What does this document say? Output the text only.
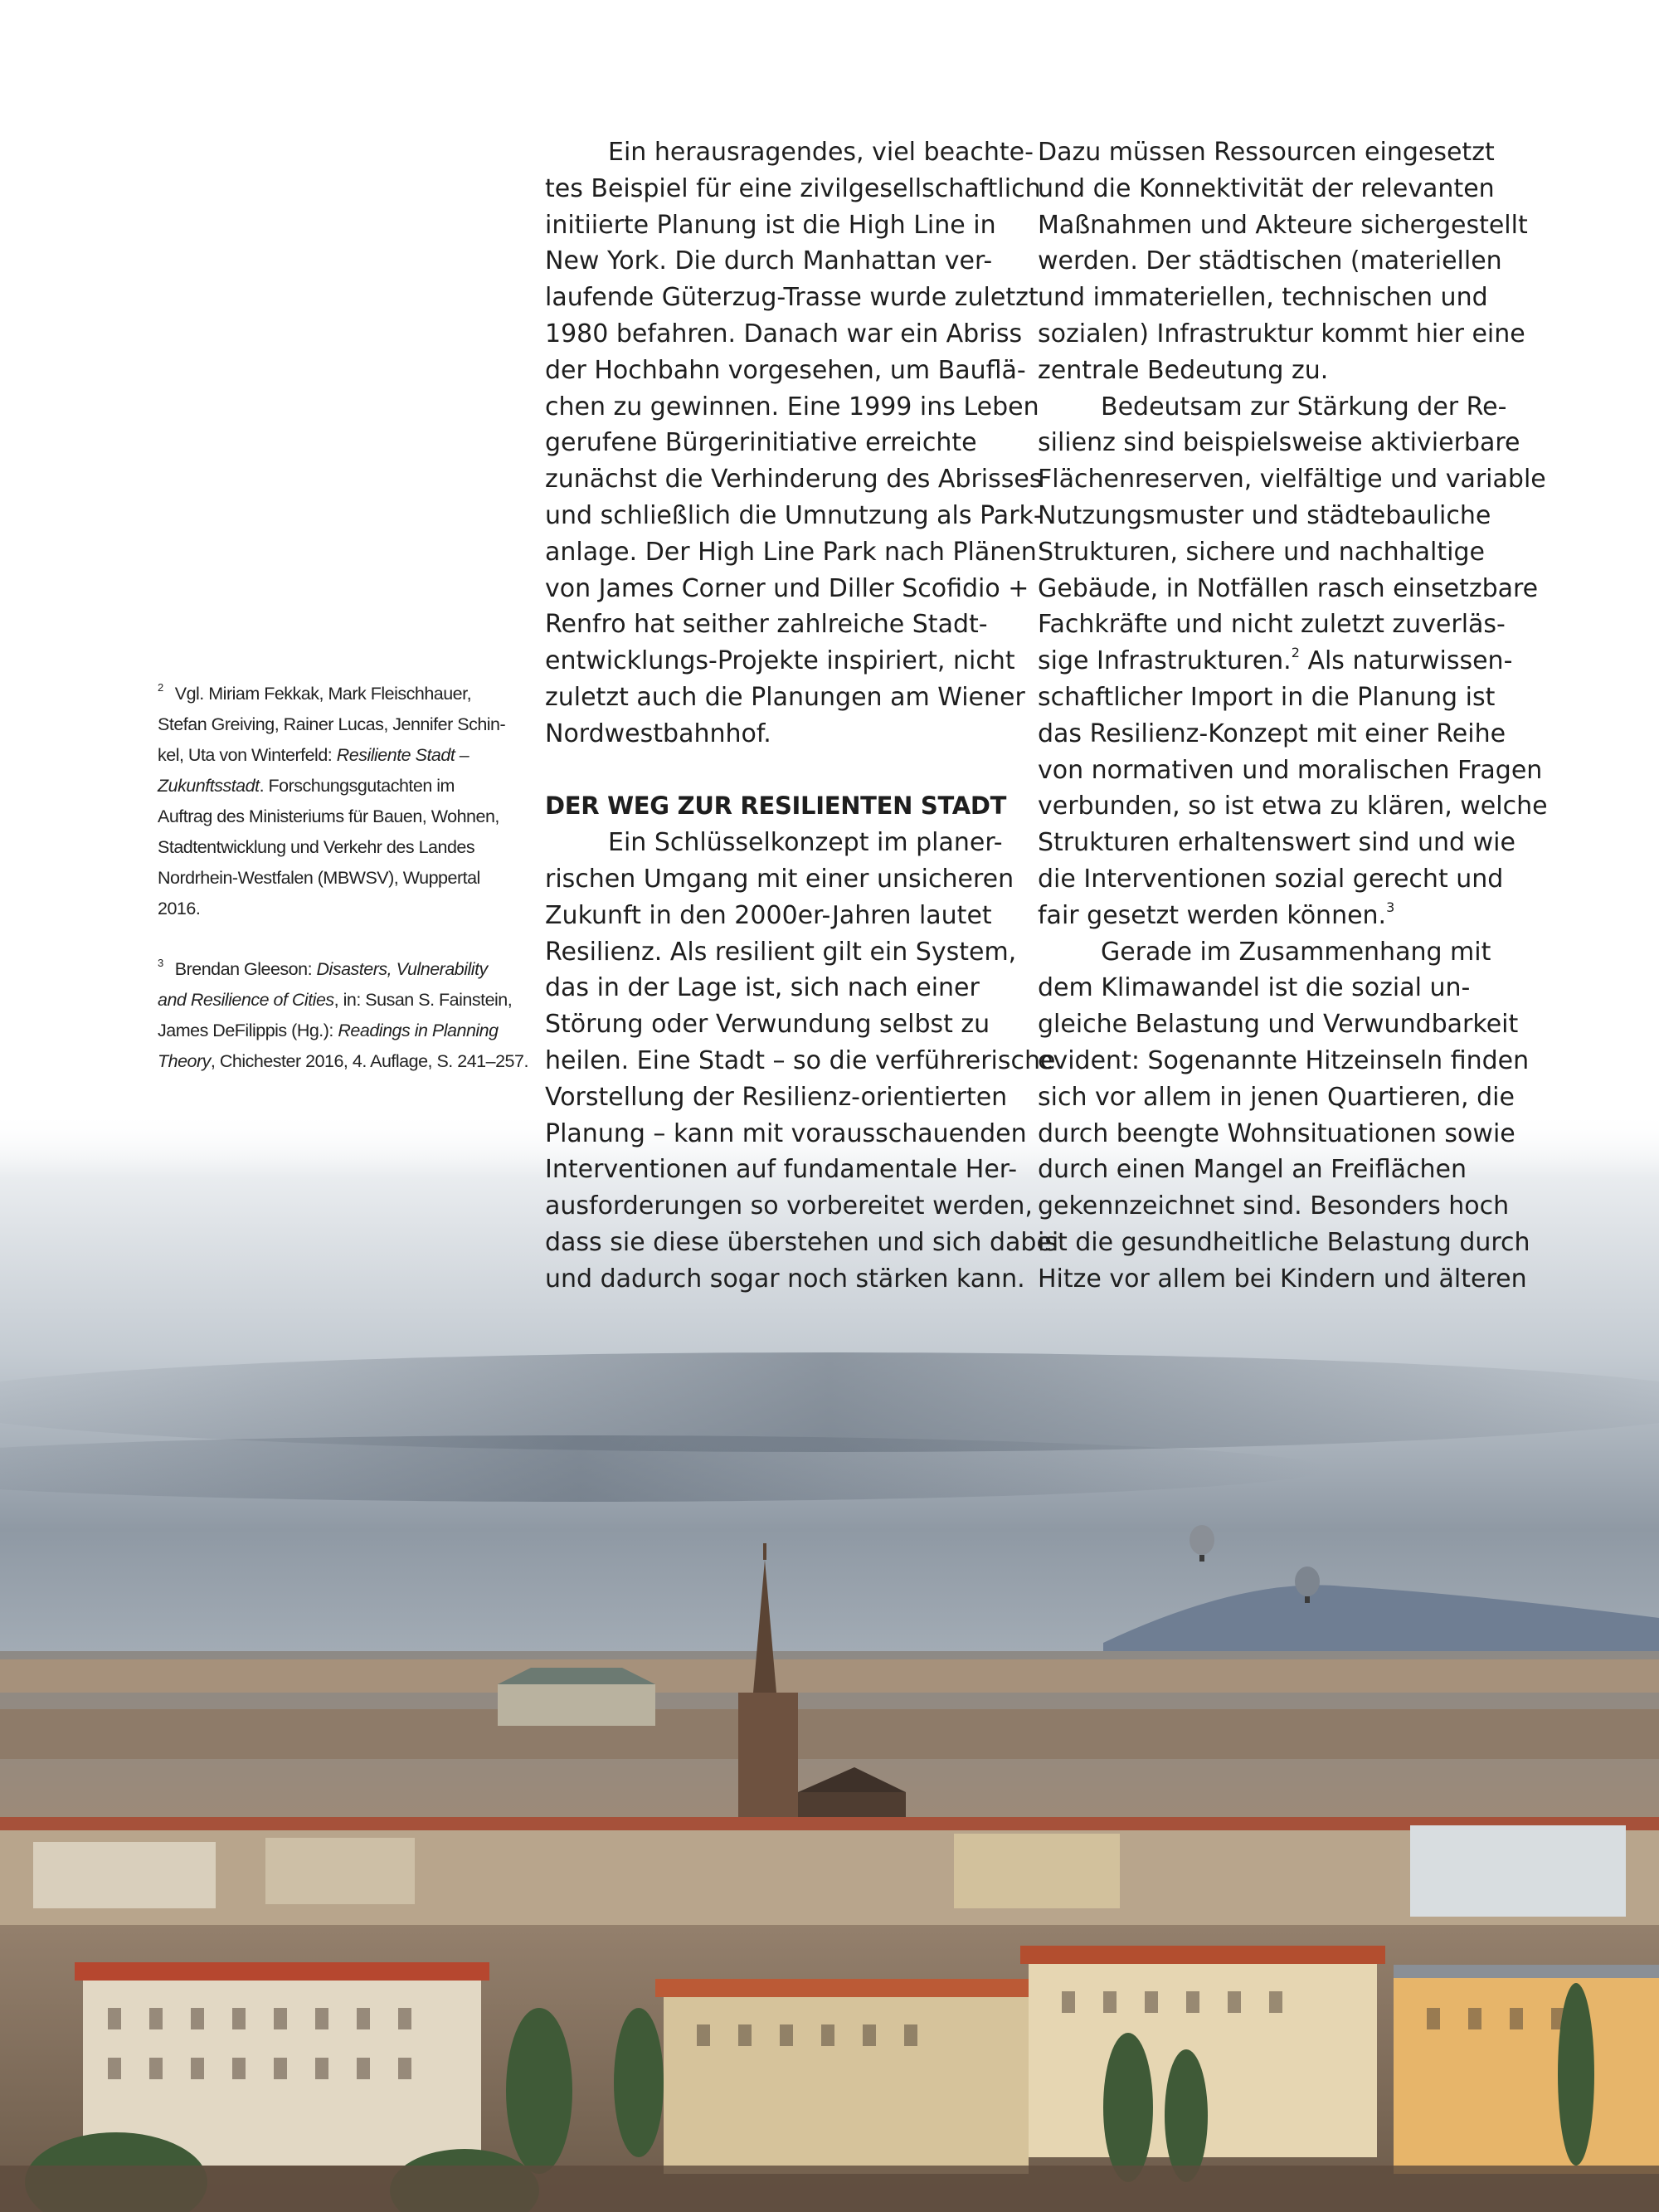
Ein herausragendes, viel beachte-
tes Beispiel für eine zivilgesellschaftlich
initiierte Planung ist die High Line in
New York. Die durch Manhattan ver-
laufende Güterzug-Trasse wurde zuletzt
1980 befahren. Danach war ein Abriss
der Hochbahn vorgesehen, um Bauflä-
chen zu gewinnen. Eine 1999 ins Leben
gerufene Bürgerinitiative erreichte
zunächst die Verhinderung des Abrisses
und schließlich die Umnutzung als Park-
anlage. Der High Line Park nach Plänen
von James Corner und Diller Scofidio +
Renfro hat seither zahlreiche Stadt-
entwicklungs-Projekte inspiriert, nicht
zuletzt auch die Planungen am Wiener
Nordwestbahnhof.
DER WEG ZUR RESILIENTEN STADT
Ein Schlüsselkonzept im planer-
rischen Umgang mit einer unsicheren
Zukunft in den 2000er-Jahren lautet
Resilienz. Als resilient gilt ein System,
das in der Lage ist, sich nach einer
Störung oder Verwundung selbst zu
heilen. Eine Stadt – so die verführerische
Vorstellung der Resilienz-orientierten
Planung – kann mit vorausschauenden
Interventionen auf fundamentale Her-
ausforderungen so vorbereitet werden,
dass sie diese überstehen und sich dabei
und dadurch sogar noch stärken kann.
Dazu müssen Ressourcen eingesetzt
und die Konnektivität der relevanten
Maßnahmen und Akteure sichergestellt
werden. Der städtischen (materiellen
und immateriellen, technischen und
sozialen) Infrastruktur kommt hier eine
zentrale Bedeutung zu.
Bedeutsam zur Stärkung der Re-
silienz sind beispielsweise aktivierbare
Flächenreserven, vielfältige und variable
Nutzungsmuster und städtebauliche
Strukturen, sichere und nachhaltige
Gebäude, in Notfällen rasch einsetzbare
Fachkräfte und nicht zuletzt zuverläs-
sige Infrastrukturen.$^2$ Als naturwissen-
schaftlicher Import in die Planung ist
das Resilienz-Konzept mit einer Reihe
von normativen und moralischen Fragen
verbunden, so ist etwa zu klären, welche
Strukturen erhaltenswert sind und wie
die Interventionen sozial gerecht und
fair gesetzt werden können.$^3$
Gerade im Zusammenhang mit
dem Klimawandel ist die sozial un-
gleiche Belastung und Verwundbarkeit
evident: Sogenannte Hitzeinseln finden
sich vor allem in jenen Quartieren, die
durch beengte Wohnsituationen sowie
durch einen Mangel an Freiflächen
gekennzeichnet sind. Besonders hoch
ist die gesundheitliche Belastung durch
Hitze vor allem bei Kindern und älteren
$^2$ Vgl. Miriam Fekkak, Mark Fleischhauer,
Stefan Greiving, Rainer Lucas, Jennifer Schin-
kel, Uta von Winterfeld: Resiliente Stadt –
Zukunftsstadt. Forschungsgutachten im
Auftrag des Ministeriums für Bauen, Wohnen,
Stadtentwicklung und Verkehr des Landes
Nordrhein-Westfalen (MBWSV), Wuppertal
2016.
$^3$ Brendan Gleeson: Disasters, Vulnerability
and Resilience of Cities, in: Susan S. Fainstein,
James DeFilippis (Hg.): Readings in Planning
Theory, Chichester 2016, 4. Auflage, S. 241–257.
